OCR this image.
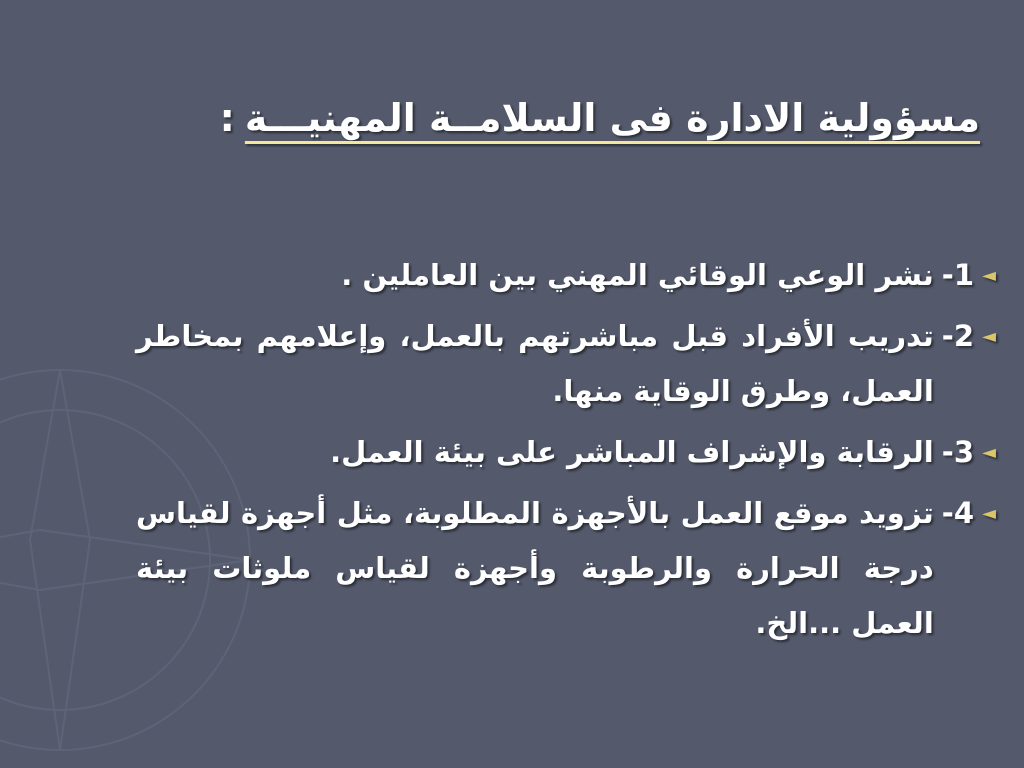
مسؤولية الادارة فى السلامــة المهنيـــة:
◄
1-
نشر الوعي الوقائي المهني بين العاملين .
◄
2-
تدريب الأفراد قبل مباشرتهم بالعمل، وإعلامهم بمخاطر العمل، وطرق الوقاية منها.
◄
3-
الرقابة والإشراف المباشر على بيئة العمل.
◄
4-
تزويد موقع العمل بالأجهزة المطلوبة، مثل أجهزة لقياس درجة الحرارة والرطوبة وأجهزة لقياس ملوثات بيئة العمل ...الخ.
